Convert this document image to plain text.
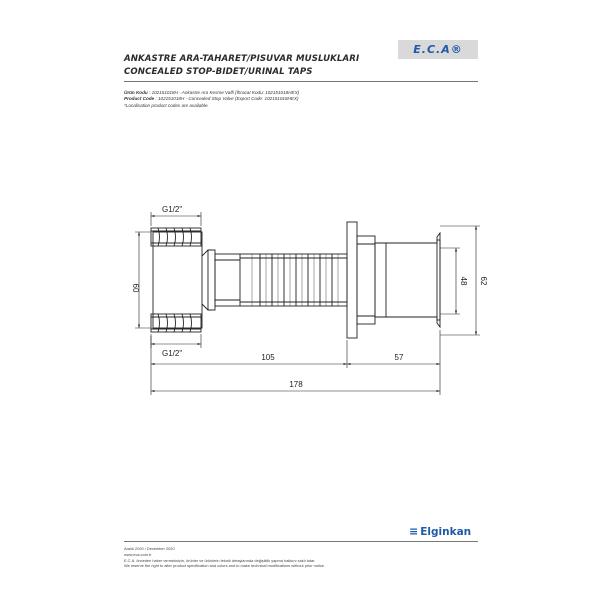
ANKASTRE ARA-TAHARET/PISUVAR MUSLUKLARI
CONCEALED STOP-BIDET/URINAL TAPS
E.C.A®
Ürün Kodu : 102151018H - Ankastre Ara Kesme Valfi (İhracat Kodu: 102151018HEX)
Product Code : 102151018H - Concealed Stop Valve (Export Code: 102151018HEX)
*Localisation product codes are available.
G1/2"
G1/2"
60
48 62
105	57
178
Aralık 2020 / December 2020
www.eca.com.tr
E.C.A. önceden haber vermeksizin, ürünler ve ürünlerin teknik detaylarında değişiklik yapma hakkını saklı tutar.
We reserve the right to alter product specification and colors and to make technical modifications without prior notice.
≡ Elginkan
